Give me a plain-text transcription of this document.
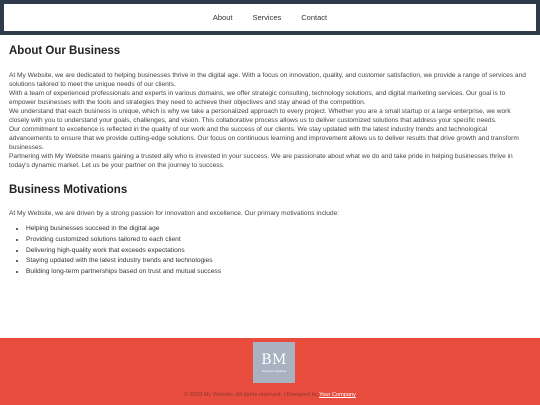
About	Services	Contact
About Our Business

At My Website, we are dedicated to helping businesses thrive in the digital age. With a focus on innovation, quality, and customer satisfaction, we provide a range of services and solutions tailored to meet the unique needs of our clients.

With a team of experienced professionals and experts in various domains, we offer strategic consulting, technology solutions, and digital marketing services. Our goal is to empower businesses with the tools and strategies they need to achieve their objectives and stay ahead of the competition.

We understand that each business is unique, which is why we take a personalized approach to every project. Whether you are a small startup or a large enterprise, we work closely with you to understand your goals, challenges, and vision. This collaborative process allows us to deliver customized solutions that address your specific needs.

Our commitment to excellence is reflected in the quality of our work and the success of our clients. We stay updated with the latest industry trends and technological advancements to ensure that we provide cutting-edge solutions. Our focus on continuous learning and improvement allows us to deliver results that drive growth and transform businesses.

Partnering with My Website means gaining a trusted ally who is invested in your success. We are passionate about what we do and take pride in helping businesses thrive in today's dynamic market. Let us be your partner on the journey to success.

Business Motivations

At My Website, we are driven by a strong passion for innovation and excellence. Our primary motivations include:

• Helping businesses succeed in the digital age
• Providing customized solutions tailored to each client
• Delivering high-quality work that exceeds expectations
• Staying updated with the latest industry trends and technologies
• Building long-term partnerships based on trust and mutual success
BM
business solutions
© 2023 My Website. All rights reserved. | Designed by Your Company
